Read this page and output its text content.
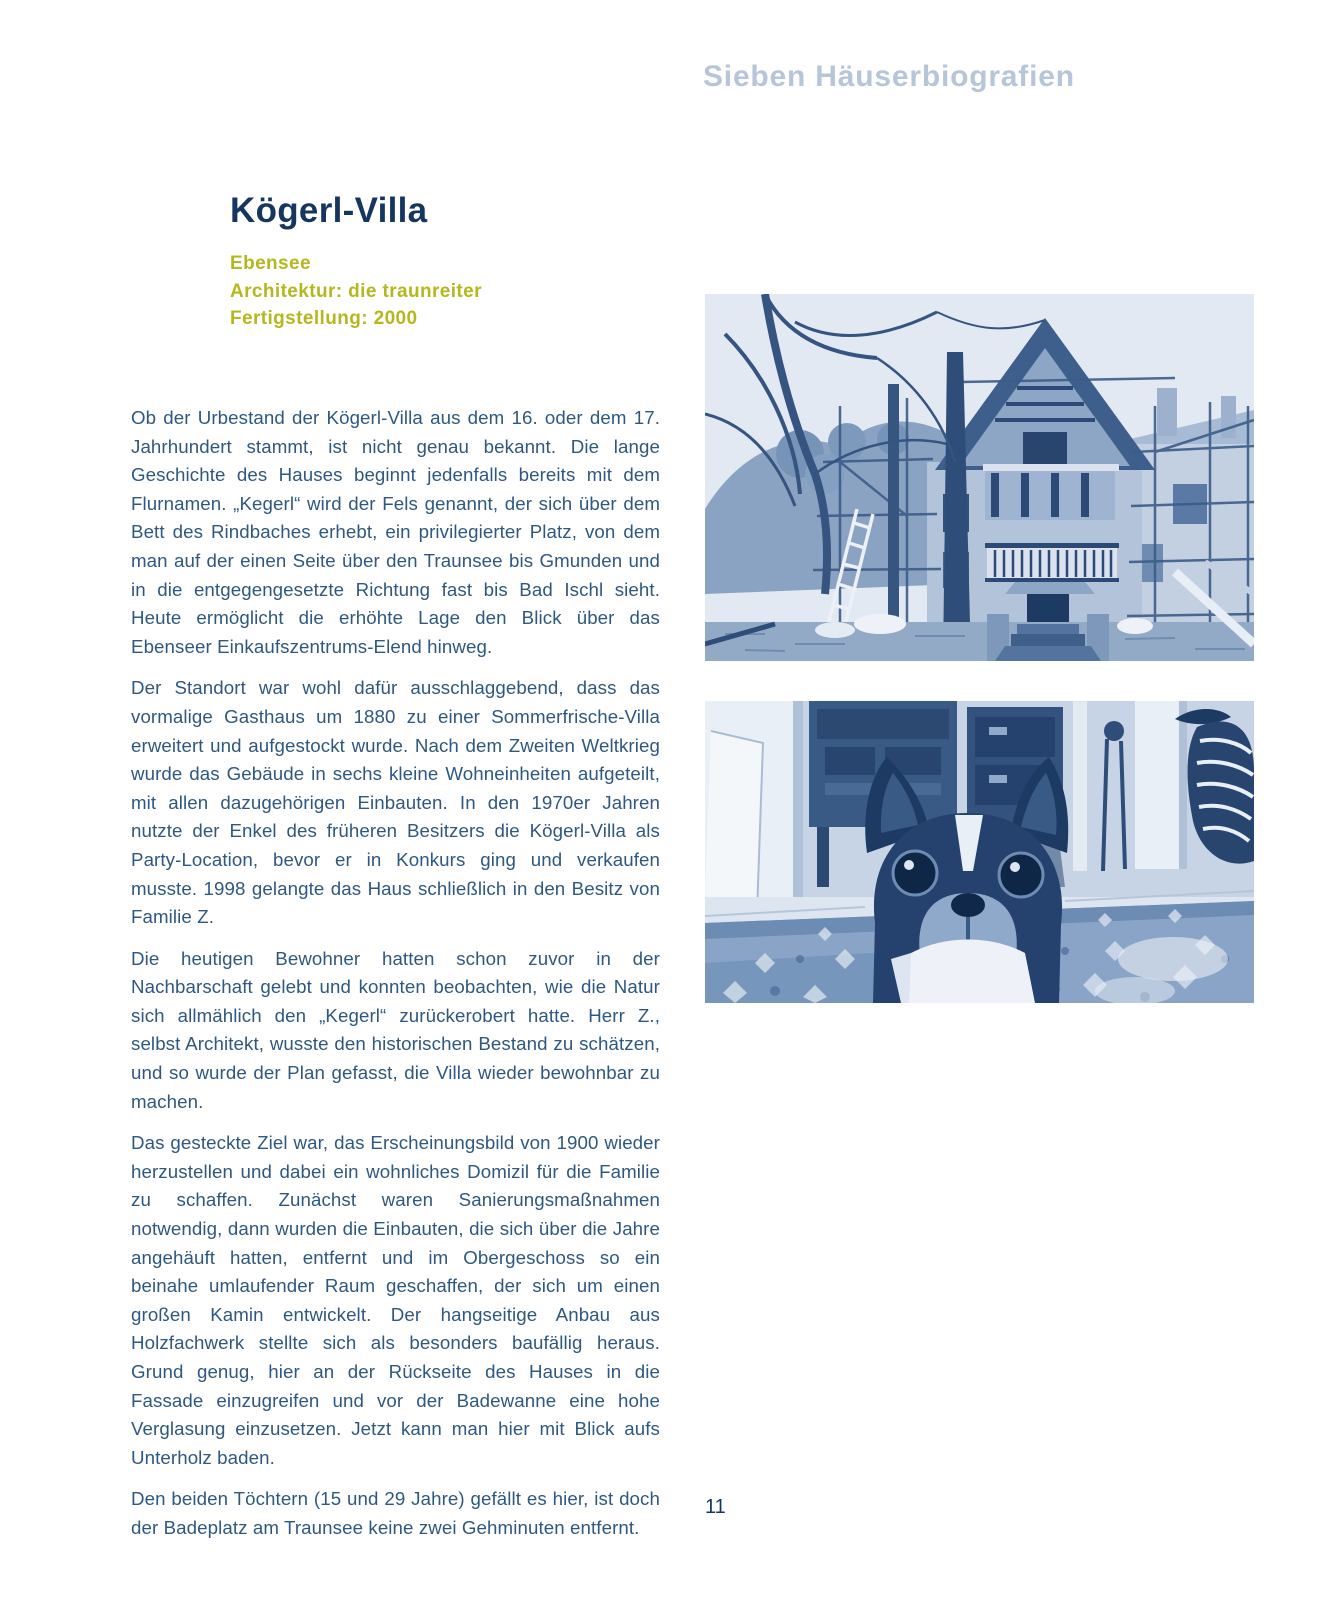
Sieben Häuserbiografien
Kögerl-Villa
Ebensee
Architektur: die traunreiter
Fertigstellung: 2000

Ob der Urbestand der Kögerl-Villa aus dem 16. oder dem 17. Jahrhundert stammt, ist nicht genau bekannt. Die lange Geschichte des Hauses beginnt jedenfalls bereits mit dem Flurnamen. „Kegerl“ wird der Fels genannt, der sich über dem Bett des Rindbaches erhebt, ein privilegierter Platz, von dem man auf der einen Seite über den Traunsee bis Gmunden und in die entgegengesetzte Richtung fast bis Bad Ischl sieht. Heute ermöglicht die erhöhte Lage den Blick über das Ebenseer Einkaufszentrums-Elend hinweg.

Der Standort war wohl dafür ausschlaggebend, dass das vormalige Gasthaus um 1880 zu einer Sommerfrische-Villa erweitert und aufgestockt wurde. Nach dem Zweiten Weltkrieg wurde das Gebäude in sechs kleine Wohneinheiten aufgeteilt, mit allen dazugehörigen Einbauten. In den 1970er Jahren nutzte der Enkel des früheren Besitzers die Kögerl-Villa als Party-Location, bevor er in Konkurs ging und verkaufen musste. 1998 gelangte das Haus schließlich in den Besitz von Familie Z.

Die heutigen Bewohner hatten schon zuvor in der Nachbarschaft gelebt und konnten beobachten, wie die Natur sich allmählich den „Kegerl“ zurückerobert hatte. Herr Z., selbst Architekt, wusste den historischen Bestand zu schätzen, und so wurde der Plan gefasst, die Villa wieder bewohnbar zu machen.

Das gesteckte Ziel war, das Erscheinungsbild von 1900 wieder herzustellen und dabei ein wohnliches Domizil für die Familie zu schaffen. Zunächst waren Sanierungsmaßnahmen notwendig, dann wurden die Einbauten, die sich über die Jahre angehäuft hatten, entfernt und im Obergeschoss so ein beinahe umlaufender Raum geschaffen, der sich um einen großen Kamin entwickelt. Der hangseitige Anbau aus Holzfachwerk stellte sich als besonders baufällig heraus. Grund genug, hier an der Rückseite des Hauses in die Fassade einzugreifen und vor der Badewanne eine hohe Verglasung einzusetzen. Jetzt kann man hier mit Blick aufs Unterholz baden.

Den beiden Töchtern (15 und 29 Jahre) gefällt es hier, ist doch der Badeplatz am Traunsee keine zwei Gehminuten entfernt.

11
